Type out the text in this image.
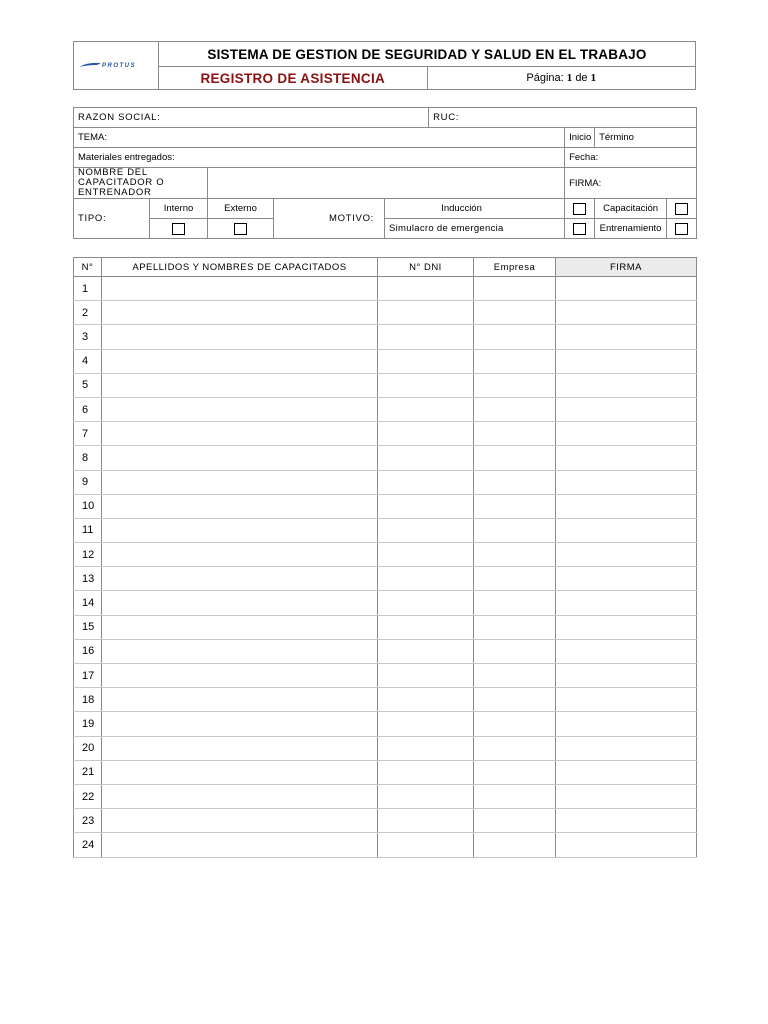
PROTUS	SISTEMA DE GESTION DE SEGURIDAD Y SALUD EN EL TRABAJO	
	REGISTRO DE ASISTENCIA	Página: 1 de 1
RAZON SOCIAL:					RUC:			
TEMA:						Inicio	Término	
Materiales entregados:						Fecha:		
NOMBRE DEL CAPACITADOR O ENTRENADOR						FIRMA:		
TIPO:	Interno	Externo	MOTIVO:	Inducción			Capacitación	
				Simulacro de emergencia			Entrenamiento	
N°	APELLIDOS Y NOMBRES DE CAPACITADOS	N° DNI	Empresa	FIRMA
1				
2				
3				
4				
5				
6				
7				
8				
9				
10				
11				
12				
13				
14				
15				
16				
17				
18				
19				
20				
21				
22				
23				
24				
